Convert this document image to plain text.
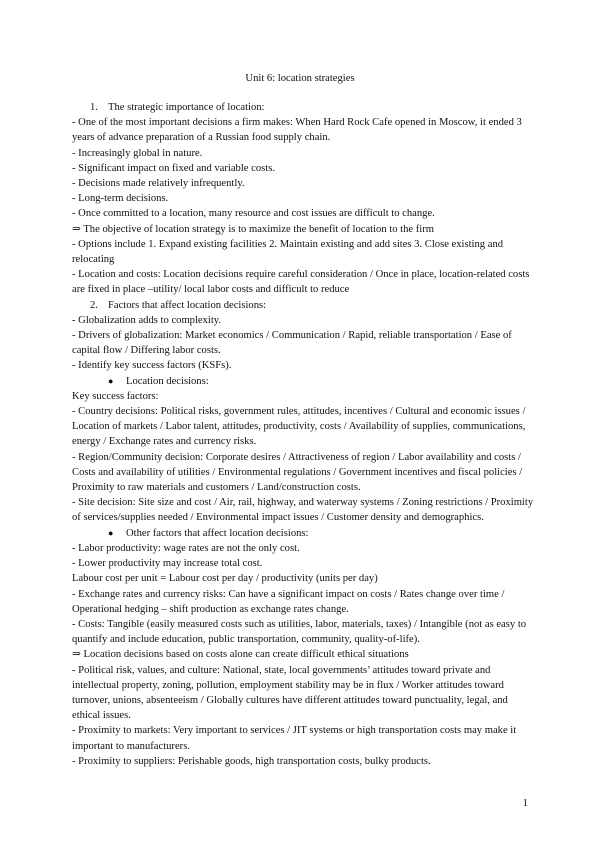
Unit 6: location strategies

1. The strategic importance of location:

- One of the most important decisions a firm makes: When Hard Rock Cafe opened in Moscow, it ended 3 years of advance preparation of a Russian food supply chain.

- Increasingly global in nature.

- Significant impact on fixed and variable costs.

- Decisions made relatively infrequently.

- Long-term decisions.

- Once committed to a location, many resource and cost issues are difficult to change.

⇒ The objective of location strategy is to maximize the benefit of location to the firm

- Options include 1. Expand existing facilities 2. Maintain existing and add sites 3. Close existing and relocating

- Location and costs: Location decisions require careful consideration / Once in place, location-related costs are fixed in place –utility/ local labor costs and difficult to reduce

2. Factors that affect location decisions:

- Globalization adds to complexity.

- Drivers of globalization: Market economics / Communication / Rapid, reliable transportation / Ease of capital flow / Differing labor costs.

- Identify key success factors (KSFs).

● Location decisions:

Key success factors:

- Country decisions: Political risks, government rules, attitudes, incentives / Cultural and economic issues / Location of markets / Labor talent, attitudes, productivity, costs / Availability of supplies, communications, energy / Exchange rates and currency risks.

- Region/Community decision: Corporate desires / Attractiveness of region / Labor availability and costs / Costs and availability of utilities / Environmental regulations / Government incentives and fiscal policies / Proximity to raw materials and customers / Land/construction costs.

- Site decision: Site size and cost / Air, rail, highway, and waterway systems / Zoning restrictions / Proximity of services/supplies needed / Environmental impact issues / Customer density and demographics.

● Other factors that affect location decisions:

- Labor productivity: wage rates are not the only cost.

- Lower productivity may increase total cost.

Labour cost per unit = Labour cost per day / productivity (units per day)

- Exchange rates and currency risks: Can have a significant impact on costs / Rates change over time / Operational hedging – shift production as exchange rates change.

- Costs: Tangible (easily measured costs such as utilities, labor, materials, taxes) / Intangible (not as easy to quantify and include education, public transportation, community, quality-of-life).

⇒ Location decisions based on costs alone can create difficult ethical situations

- Political risk, values, and culture: National, state, local governments’ attitudes toward private and intellectual property, zoning, pollution, employment stability may be in flux / Worker attitudes toward turnover, unions, absenteeism / Globally cultures have different attitudes toward punctuality, legal, and ethical issues.

- Proximity to markets: Very important to services / JIT systems or high transportation costs may make it important to manufacturers.

- Proximity to suppliers: Perishable goods, high transportation costs, bulky products.

1
